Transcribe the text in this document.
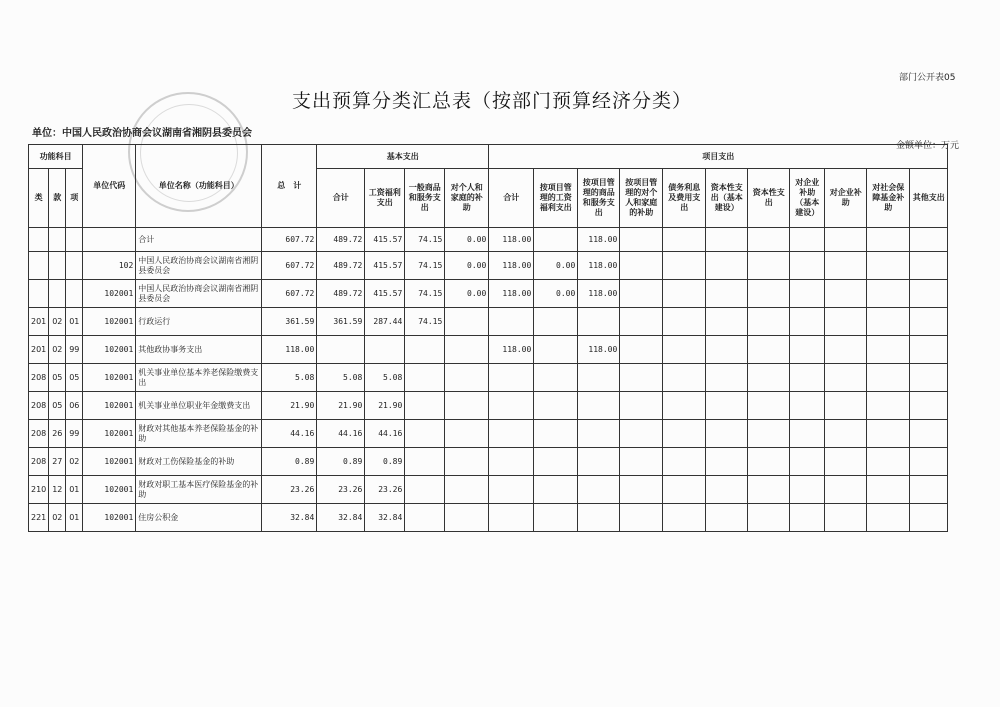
部门公开表05
支出预算分类汇总表（按部门预算经济分类）
单位：中国人民政治协商会议湖南省湘阴县委员会
金额单位：万元
功能科目			单位代码	单位名称（功能科目）	总　计	基本支出				项目支出										
类	款	项				合计	工资福利支出	一般商品和服务支出	对个人和家庭的补助	合计	按项目管理的工资福利支出	按项目管理的商品和服务支出	按项目管理的对个人和家庭的补助	债务利息及费用支出	资本性支出（基本建设）	资本性支出	对企业补助（基本建设）	对企业补助	对社会保障基金补助	其他支出

				合计	607.72	489.72	415.57	74.15	0.00	118.00		118.00								
			102	中国人民政治协商会议湖南省湘阴县委员会	607.72	489.72	415.57	74.15	0.00	118.00	0.00	118.00								
			102001	中国人民政治协商会议湖南省湘阴县委员会	607.72	489.72	415.57	74.15	0.00	118.00	0.00	118.00								
201	02	01	102001	行政运行	361.59	361.59	287.44	74.15												
201	02	99	102001	其他政协事务支出	118.00					118.00		118.00								
208	05	05	102001	机关事业单位基本养老保险缴费支出	5.08	5.08	5.08													
208	05	06	102001	机关事业单位职业年金缴费支出	21.90	21.90	21.90													
208	26	99	102001	财政对其他基本养老保险基金的补助	44.16	44.16	44.16													
208	27	02	102001	财政对工伤保险基金的补助	0.89	0.89	0.89													
210	12	01	102001	财政对职工基本医疗保险基金的补助	23.26	23.26	23.26													
221	02	01	102001	住房公积金	32.84	32.84	32.84													
